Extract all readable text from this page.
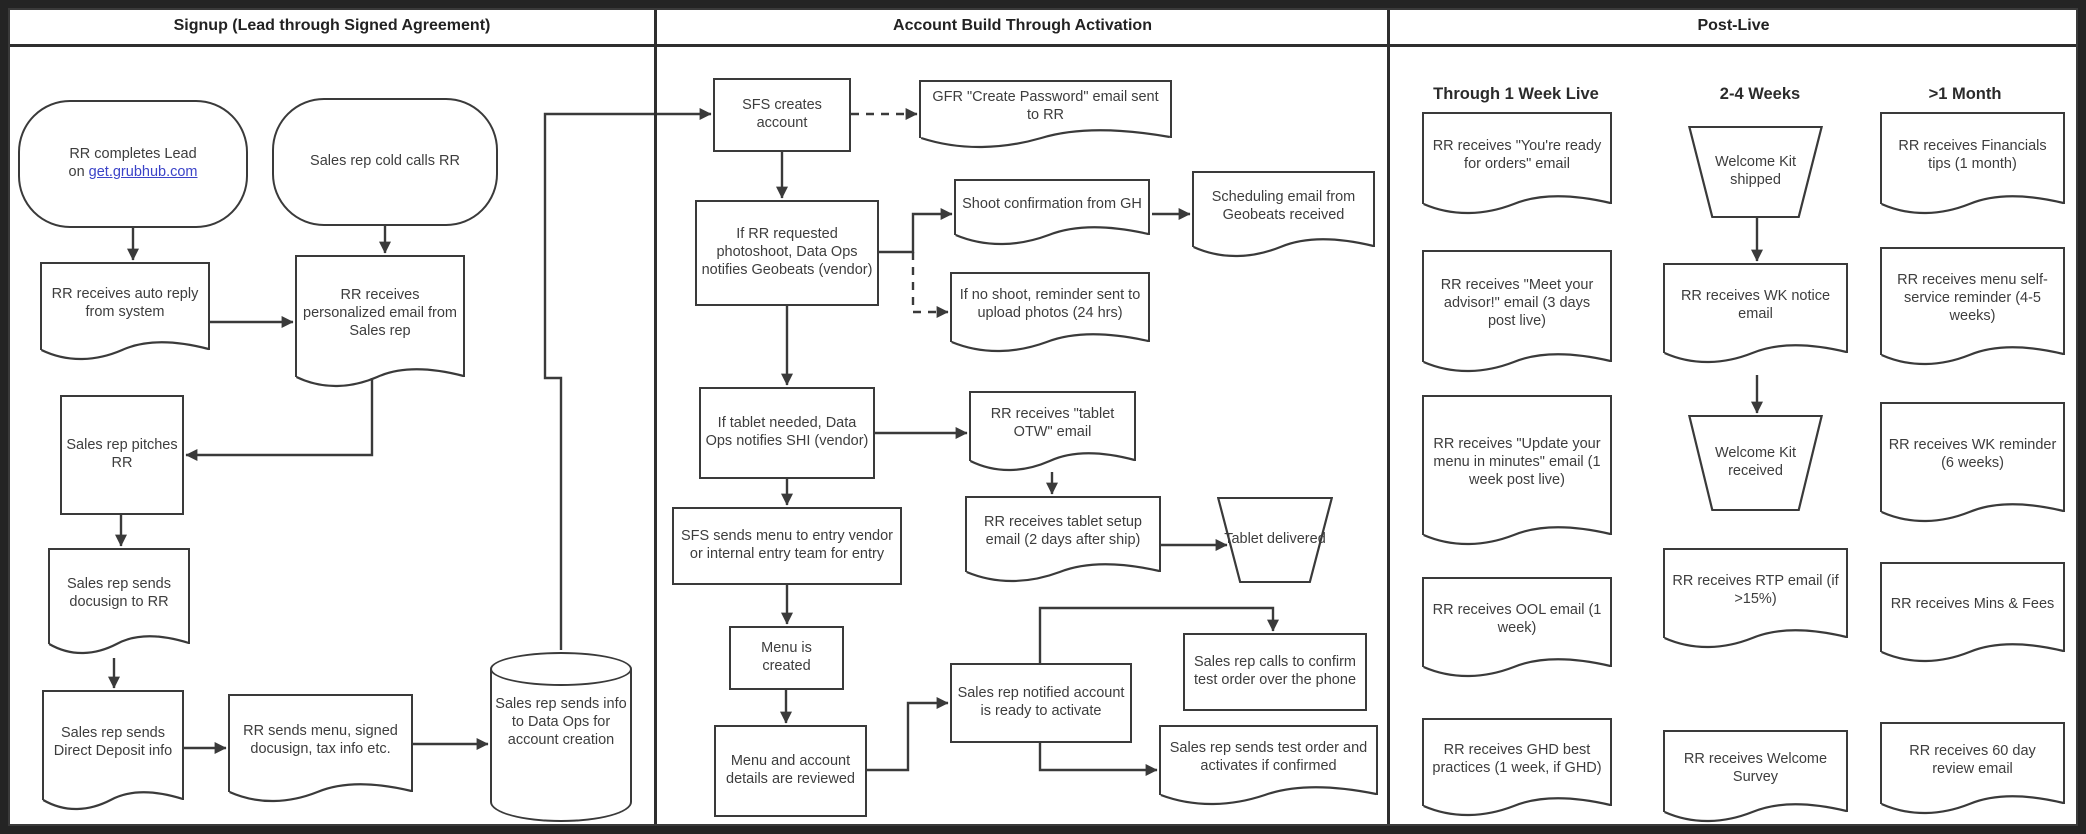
Signup (Lead through Signed Agreement)	Account Build Through Activation	Post-Live
Through 1 Week Live	2-4 Weeks	>1 Month
RR completes Lead
on get.grubhub.com
Sales rep cold calls RR
RR receives auto reply from system
RR receives personalized email from Sales rep
Sales rep pitches RR
Sales rep sends docusign to RR
Sales rep sends Direct Deposit info
RR sends menu, signed docusign, tax info etc.
Sales rep sends info to Data Ops for account creation
SFS creates account
GFR "Create Password" email sent to RR
If RR requested photoshoot, Data Ops notifies Geobeats (vendor)
Shoot confirmation from GH	Scheduling email from Geobeats received
If no shoot, reminder sent to upload photos (24 hrs)
If tablet needed, Data Ops notifies SHI (vendor)
RR receives "tablet OTW" email
RR receives tablet setup email (2 days after ship)
SFS sends menu to entry vendor or internal entry team for entry
Tablet delivered
Menu is created
Menu and account details are reviewed
Sales rep notified account is ready to activate
Sales rep calls to confirm test order over the phone
Sales rep sends test order and activates if confirmed
RR receives "You're ready for orders" email
RR receives "Meet your advisor!" email (3 days post live)
RR receives "Update your menu in minutes" email (1 week post live)
RR receives OOL email (1 week)
RR receives GHD best practices (1 week, if GHD)
Welcome Kit shipped
RR receives WK notice email
Welcome Kit received
RR receives RTP email (if >15%)
RR receives Welcome Survey
RR receives Financials tips (1 month)
RR receives menu self-service reminder (4-5 weeks)
RR receives WK reminder (6 weeks)
RR receives Mins & Fees
RR receives 60 day review email
